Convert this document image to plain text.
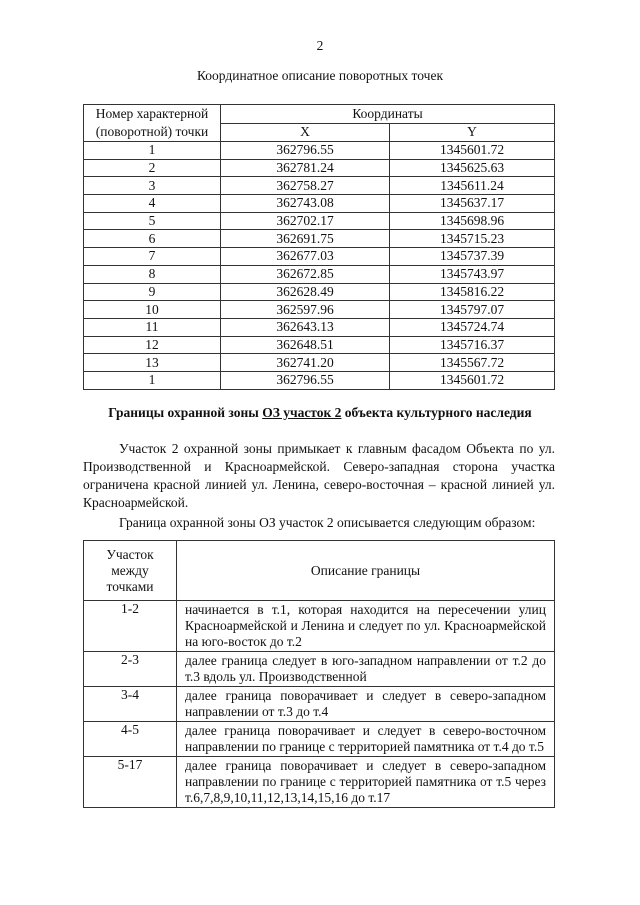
2
Координатное описание поворотных точек
Номер характерной (поворотной) точки	Координаты	
	X	Y
1	362796.55	1345601.72
2	362781.24	1345625.63
3	362758.27	1345611.24
4	362743.08	1345637.17
5	362702.17	1345698.96
6	362691.75	1345715.23
7	362677.03	1345737.39
8	362672.85	1345743.97
9	362628.49	1345816.22
10	362597.96	1345797.07
11	362643.13	1345724.74
12	362648.51	1345716.37
13	362741.20	1345567.72
1	362796.55	1345601.72
Границы охранной зоны ОЗ участок 2 объекта культурного наследия
Участок 2 охранной зоны примыкает к главным фасадом Объекта по ул. Производственной и Красноармейской. Северо-западная сторона участка ограничена красной линией ул. Ленина, северо-восточная – красной линией ул. Красноармейской.
Граница охранной зоны ОЗ участок 2 описывается следующим образом:
Участок между точками	Описание границы
1-2	начинается в т.1, которая находится на пересечении улиц Красноармейской и Ленина и следует по ул. Красноармейской на юго-восток до т.2
2-3	далее граница следует в юго-западном направлении от т.2 до т.3 вдоль ул. Производственной
3-4	далее граница поворачивает и следует в северо-западном направлении от т.3 до т.4
4-5	далее граница поворачивает и следует в северо-восточном направлении по границе с территорией памятника от т.4 до т.5
5-17	далее граница поворачивает и следует в северо-западном направлении по границе с территорией памятника от т.5 через т.6,7,8,9,10,11,12,13,14,15,16 до т.17
